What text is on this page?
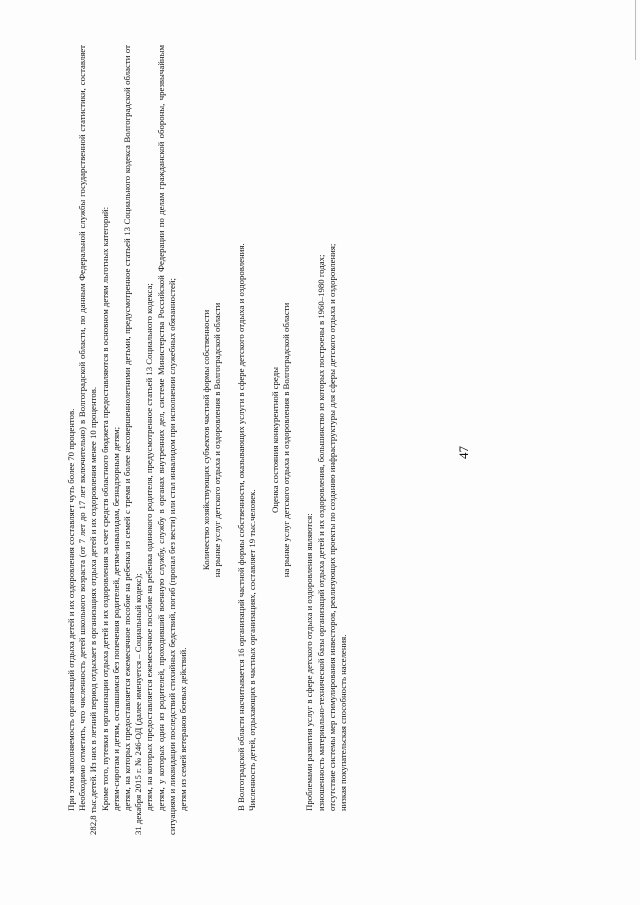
47

При этом заполняемость организаций отдыха детей и их оздоровления составляет чуть более 70 процентов. Необходимо отметить, что численность детей школьного возраста (от 7 лет до 17 лет включительно) в Волгоградской области, по данным Федеральной службы государственной статистики, составляет 282,8 тыс.детей. Из них в летний период отдыхает в организациях отдыха детей и их оздоровления менее 10 процентов. Кроме того, путевки в организации отдыха детей и их оздоровления за счет средств областного бюджета предоставляются в основном детям льготных категорий: детям-сиротам и детям, оставшимся без попечения родителей, детям-инвалидам, безнадзорным детям; детям, на которых предоставляется ежемесячное пособие на ребенка из семей с тремя и более несовершеннолетними детьми, предусмотренное статьей 13 Социального кодекса Волгоградской области от 31 декабря 2015 г. № 246-ОД (далее именуется – Социальный кодекс); детям, на которых предоставляется ежемесячное пособие на ребенка одинокого родителя, предусмотренное статьей 13 Социального кодекса; детям, у которых один из родителей, проходивший военную службу, службу в органах внутренних дел, системе Министерства Российской Федерации по делам гражданской обороны, чрезвычайным ситуациям и ликвидации последствий стихийных бедствий, погиб (пропал без вести) или стал инвалидом при исполнении служебных обязанностей; детям из семей ветеранов боевых действий.

Количество хозяйствующих субъектов частной формы собственности на рынке услуг детского отдыха и оздоровления в Волгоградской области В Волгоградской области насчитывается 16 организаций частной формы собственности, оказывающих услуги в сфере детского отдыха и оздоровления. Численность детей, отдыхающих в частных организациях, составляет 19 тыс.человек.

Оценка состояния конкурентной среды на рынке услуг детского отдыха и оздоровления в Волгоградской области

Проблемами развития услуг в сфере детского отдыха и оздоровления являются: изношенность материально-технической базы организаций отдыха детей и их оздоровления, большинство из которых построены в 1960–1980 годах; отсутствие системы мер стимулирования инвесторов, реализующих проекты по созданию инфраструктуры для сферы детского отдыха и оздоровления; низкая покупательская способность населения.
